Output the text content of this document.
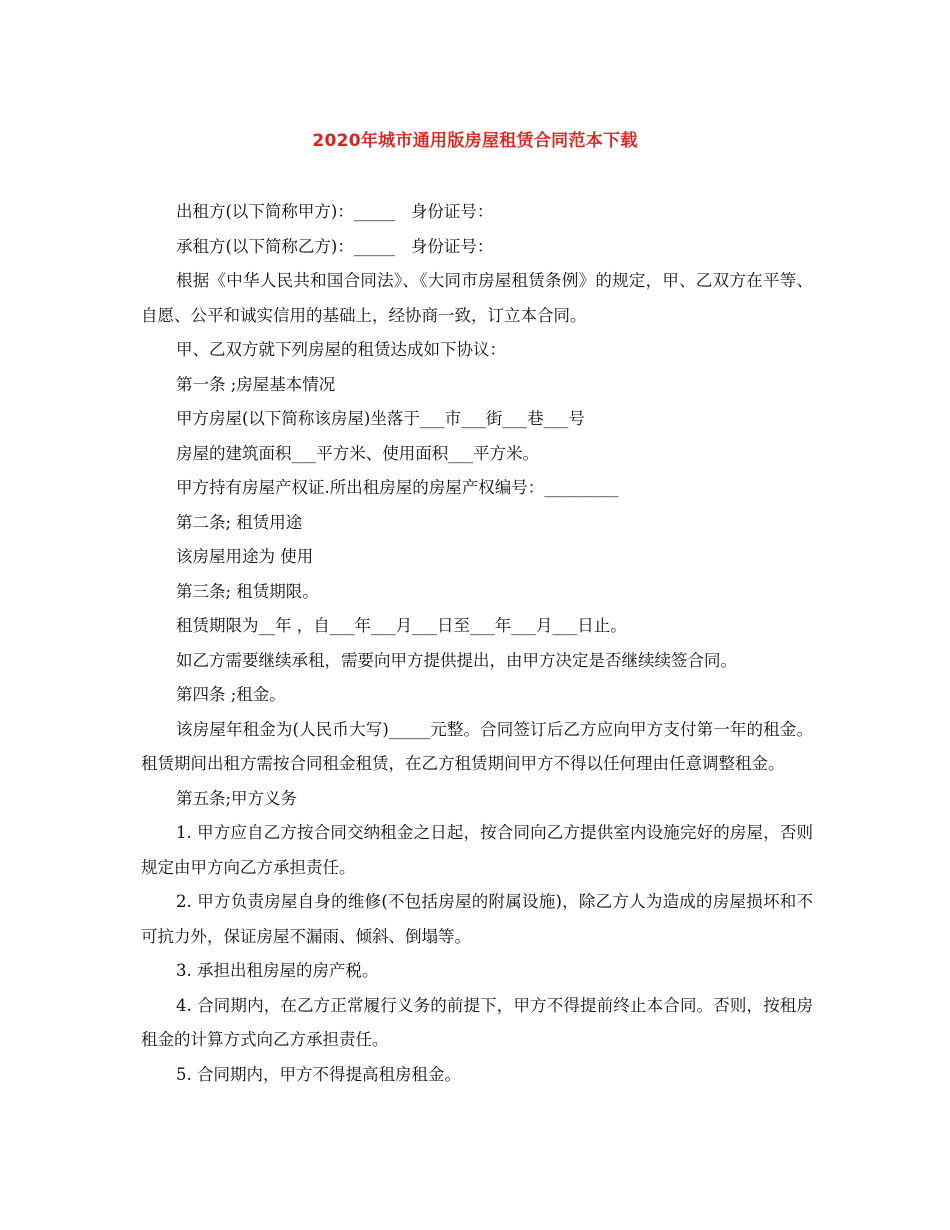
2020年城市通用版房屋租赁合同范本下载

出租方(以下简称甲方)：_____   身份证号：

承租方(以下简称乙方)：_____   身份证号：

根据《中华人民共和国合同法》、《大同市房屋租赁条例》的规定，甲、乙双方在平等、自愿、公平和诚实信用的基础上，经协商一致，订立本合同。

甲、乙双方就下列房屋的租赁达成如下协议：

第一条 ;房屋基本情况

甲方房屋(以下简称该房屋)坐落于___市___街___巷___号

房屋的建筑面积___平方米、使用面积___平方米。

甲方持有房屋产权证.所出租房屋的房屋产权编号：_________

第二条; 租赁用途

该房屋用途为 使用

第三条; 租赁期限。

租赁期限为__年 ，自___年___月___日至___年___月___日止。

如乙方需要继续承租，需要向甲方提供提出，由甲方决定是否继续续签合同。

第四条 ;租金。

该房屋年租金为(人民币大写)_____元整。合同签订后乙方应向甲方支付第一年的租金。租赁期间出租方需按合同租金租赁，在乙方租赁期间甲方不得以任何理由任意调整租金。

第五条;甲方义务

1. 甲方应自乙方按合同交纳租金之日起，按合同向乙方提供室内设施完好的房屋，否则规定由甲方向乙方承担责任。

2. 甲方负责房屋自身的维修(不包括房屋的附属设施)，除乙方人为造成的房屋损坏和不可抗力外，保证房屋不漏雨、倾斜、倒塌等。

3. 承担出租房屋的房产税。

4. 合同期内，在乙方正常履行义务的前提下，甲方不得提前终止本合同。否则，按租房租金的计算方式向乙方承担责任。

5. 合同期内，甲方不得提高租房租金。
